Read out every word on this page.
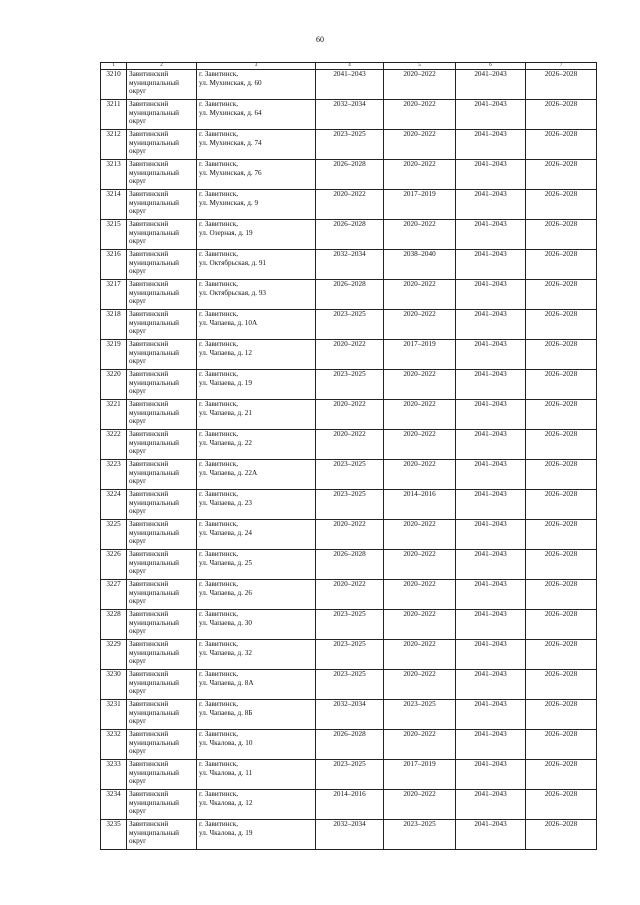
60
1	2	3	4	5	6	7
3210	Завитинский муниципальный округ	г. Завитинск,
ул. Мухинская, д. 60	2041–2043	2020–2022	2041–2043	2026–2028
3211	Завитинский муниципальный округ	г. Завитинск,
ул. Мухинская, д. 64	2032–2034	2020–2022	2041–2043	2026–2028
3212	Завитинский муниципальный округ	г. Завитинск,
ул. Мухинская, д. 74	2023–2025	2020–2022	2041–2043	2026–2028
3213	Завитинский муниципальный округ	г. Завитинск,
ул. Мухинская, д. 76	2026–2028	2020–2022	2041–2043	2026–2028
3214	Завитинский муниципальный округ	г. Завитинск,
ул. Мухинская, д. 9	2020–2022	2017–2019	2041–2043	2026–2028
3215	Завитинский муниципальный округ	г. Завитинск,
ул. Озерная, д. 19	2026–2028	2020–2022	2041–2043	2026–2028
3216	Завитинский муниципальный округ	г. Завитинск,
ул. Октябрьская, д. 91	2032–2034	2038–2040	2041–2043	2026–2028
3217	Завитинский муниципальный округ	г. Завитинск,
ул. Октябрьская, д. 93	2026–2028	2020–2022	2041–2043	2026–2028
3218	Завитинский муниципальный округ	г. Завитинск,
ул. Чапаева, д. 10А	2023–2025	2020–2022	2041–2043	2026–2028
3219	Завитинский муниципальный округ	г. Завитинск,
ул. Чапаева, д. 12	2020–2022	2017–2019	2041–2043	2026–2028
3220	Завитинский муниципальный округ	г. Завитинск,
ул. Чапаева, д. 19	2023–2025	2020–2022	2041–2043	2026–2028
3221	Завитинский муниципальный округ	г. Завитинск,
ул. Чапаева, д. 21	2020–2022	2020–2022	2041–2043	2026–2028
3222	Завитинский муниципальный округ	г. Завитинск,
ул. Чапаева, д. 22	2020–2022	2020–2022	2041–2043	2026–2028
3223	Завитинский муниципальный округ	г. Завитинск,
ул. Чапаева, д. 22А	2023–2025	2020–2022	2041–2043	2026–2028
3224	Завитинский муниципальный округ	г. Завитинск,
ул. Чапаева, д. 23	2023–2025	2014–2016	2041–2043	2026–2028
3225	Завитинский муниципальный округ	г. Завитинск,
ул. Чапаева, д. 24	2020–2022	2020–2022	2041–2043	2026–2028
3226	Завитинский муниципальный округ	г. Завитинск,
ул. Чапаева, д. 25	2026–2028	2020–2022	2041–2043	2026–2028
3227	Завитинский муниципальный округ	г. Завитинск,
ул. Чапаева, д. 26	2020–2022	2020–2022	2041–2043	2026–2028
3228	Завитинский муниципальный округ	г. Завитинск,
ул. Чапаева, д. 30	2023–2025	2020–2022	2041–2043	2026–2028
3229	Завитинский муниципальный округ	г. Завитинск,
ул. Чапаева, д. 32	2023–2025	2020–2022	2041–2043	2026–2028
3230	Завитинский муниципальный округ	г. Завитинск,
ул. Чапаева, д. 8А	2023–2025	2020–2022	2041–2043	2026–2028
3231	Завитинский муниципальный округ	г. Завитинск,
ул. Чапаева, д. 8Б	2032–2034	2023–2025	2041–2043	2026–2028
3232	Завитинский муниципальный округ	г. Завитинск,
ул. Чкалова, д. 10	2026–2028	2020–2022	2041–2043	2026–2028
3233	Завитинский муниципальный округ	г. Завитинск,
ул. Чкалова, д. 11	2023–2025	2017–2019	2041–2043	2026–2028
3234	Завитинский муниципальный округ	г. Завитинск,
ул. Чкалова, д. 12	2014–2016	2020–2022	2041–2043	2026–2028
3235	Завитинский муниципальный округ	г. Завитинск,
ул. Чкалова, д. 19	2032–2034	2023–2025	2041–2043	2026–2028
